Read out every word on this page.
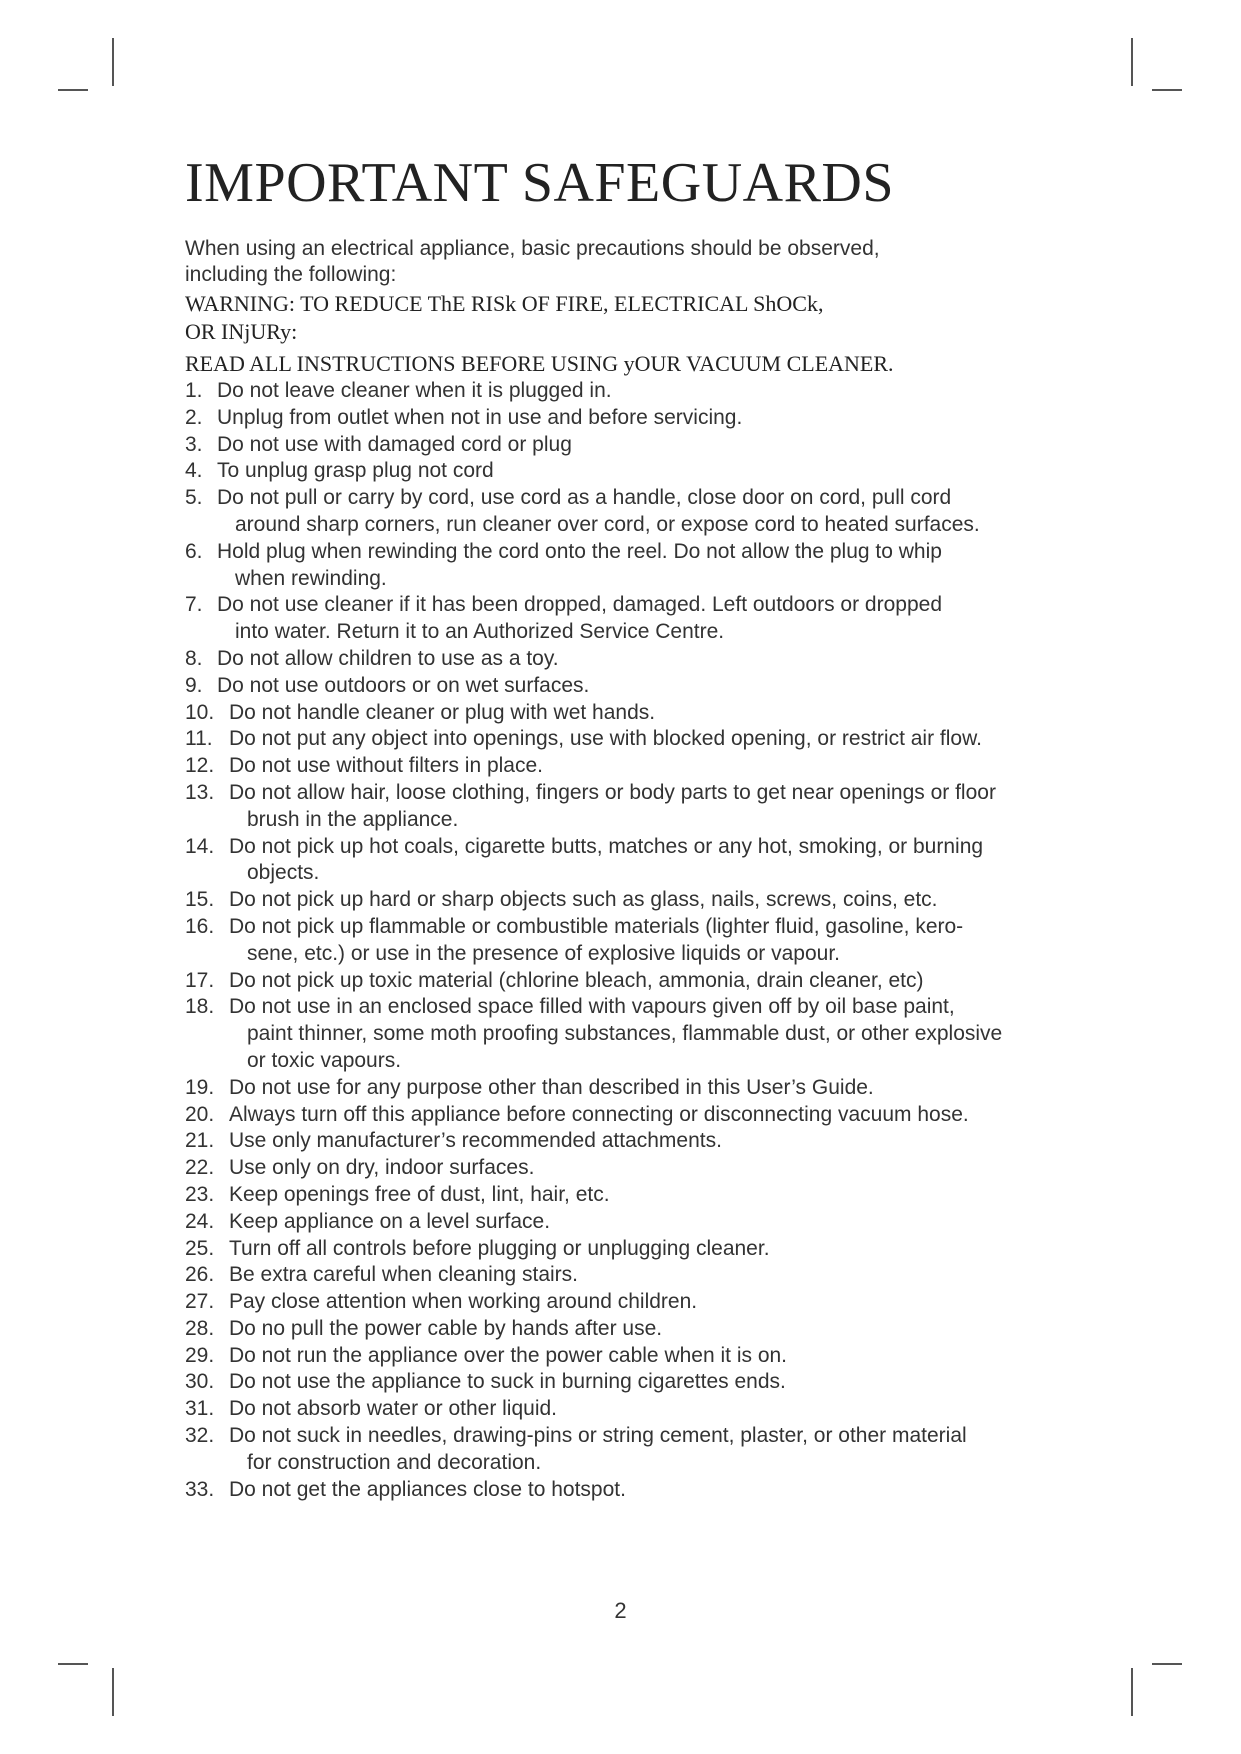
IMPORTANT SAFEGUARDS

When using an electrical appliance, basic precautions should be observed,
including the following:

WARNING: TO REDUCE ThE RISk OF FIRE, ELECTRICAL ShOCk,
OR INjURy:

READ ALL INSTRUCTIONS BEFORE USING yOUR VACUUM CLEANER.

1. Do not leave cleaner when it is plugged in.
2. Unplug from outlet when not in use and before servicing.
3. Do not use with damaged cord or plug
4. To unplug grasp plug not cord
5. Do not pull or carry by cord, use cord as a handle, close door on cord, pull cord
around sharp corners, run cleaner over cord, or expose cord to heated surfaces.
6. Hold plug when rewinding the cord onto the reel. Do not allow the plug to whip
when rewinding.
7. Do not use cleaner if it has been dropped, damaged. Left outdoors or dropped
into water. Return it to an Authorized Service Centre.
8. Do not allow children to use as a toy.
9. Do not use outdoors or on wet surfaces.
10. Do not handle cleaner or plug with wet hands.
11. Do not put any object into openings, use with blocked opening, or restrict air flow.
12. Do not use without filters in place.
13. Do not allow hair, loose clothing, fingers or body parts to get near openings or floor
brush in the appliance.
14. Do not pick up hot coals, cigarette butts, matches or any hot, smoking, or burning
objects.
15. Do not pick up hard or sharp objects such as glass, nails, screws, coins, etc.
16. Do not pick up flammable or combustible materials (lighter fluid, gasoline, kero-
sene, etc.) or use in the presence of explosive liquids or vapour.
17. Do not pick up toxic material (chlorine bleach, ammonia, drain cleaner, etc)
18. Do not use in an enclosed space filled with vapours given off by oil base paint,
paint thinner, some moth proofing substances, flammable dust, or other explosive
or toxic vapours.
19. Do not use for any purpose other than described in this User’s Guide.
20. Always turn off this appliance before connecting or disconnecting vacuum hose.
21. Use only manufacturer’s recommended attachments.
22. Use only on dry, indoor surfaces.
23. Keep openings free of dust, lint, hair, etc.
24. Keep appliance on a level surface.
25. Turn off all controls before plugging or unplugging cleaner.
26. Be extra careful when cleaning stairs.
27. Pay close attention when working around children.
28. Do no pull the power cable by hands after use.
29. Do not run the appliance over the power cable when it is on.
30. Do not use the appliance to suck in burning cigarettes ends.
31. Do not absorb water or other liquid.
32. Do not suck in needles, drawing-pins or string cement, plaster, or other material
for construction and decoration.
33. Do not get the appliances close to hotspot.
2
